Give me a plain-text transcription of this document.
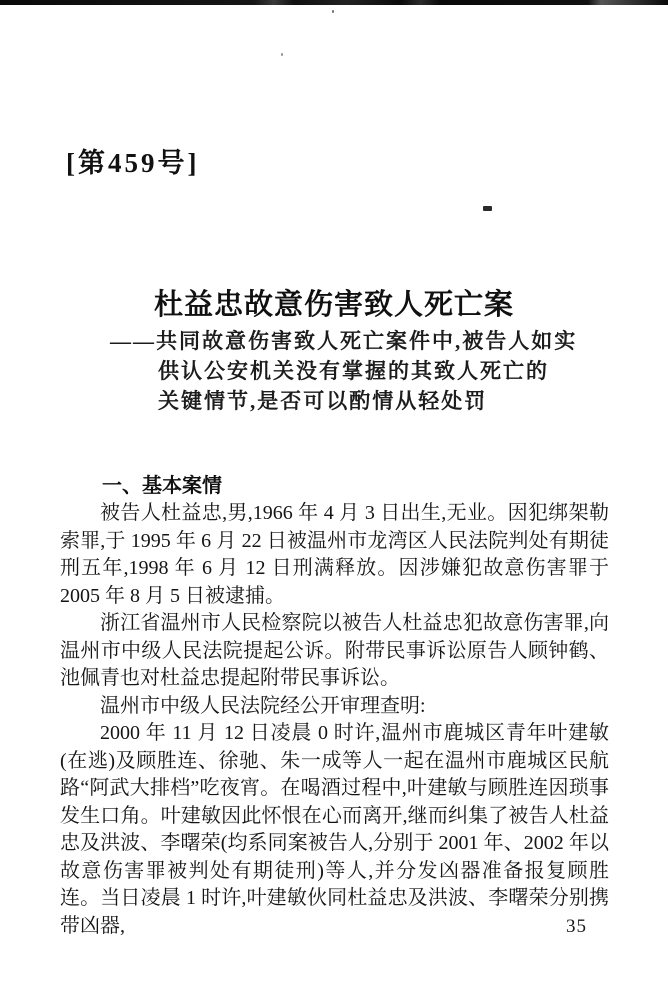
[第459号]
杜益忠故意伤害致人死亡案
——共同故意伤害致人死亡案件中,被告人如实
供认公安机关没有掌握的其致人死亡的
关键情节,是否可以酌情从轻处罚
一、基本案情

被告人杜益忠,男,1966 年 4 月 3 日出生,无业。因犯绑架勒索罪,于 1995 年 6 月 22 日被温州市龙湾区人民法院判处有期徒刑五年,1998 年 6 月 12 日刑满释放。因涉嫌犯故意伤害罪于 2005 年 8 月 5 日被逮捕。

浙江省温州市人民检察院以被告人杜益忠犯故意伤害罪,向温州市中级人民法院提起公诉。附带民事诉讼原告人顾钟鹤、池佩青也对杜益忠提起附带民事诉讼。

温州市中级人民法院经公开审理查明:

2000 年 11 月 12 日凌晨 0 时许,温州市鹿城区青年叶建敏(在逃)及顾胜连、徐驰、朱一成等人一起在温州市鹿城区民航路“阿武大排档”吃夜宵。在喝酒过程中,叶建敏与顾胜连因琐事发生口角。叶建敏因此怀恨在心而离开,继而纠集了被告人杜益忠及洪波、李曙荣(均系同案被告人,分别于 2001 年、2002 年以故意伤害罪被判处有期徒刑)等人,并分发凶器准备报复顾胜连。当日凌晨 1 时许,叶建敏伙同杜益忠及洪波、李曙荣分别携带凶器,	35
